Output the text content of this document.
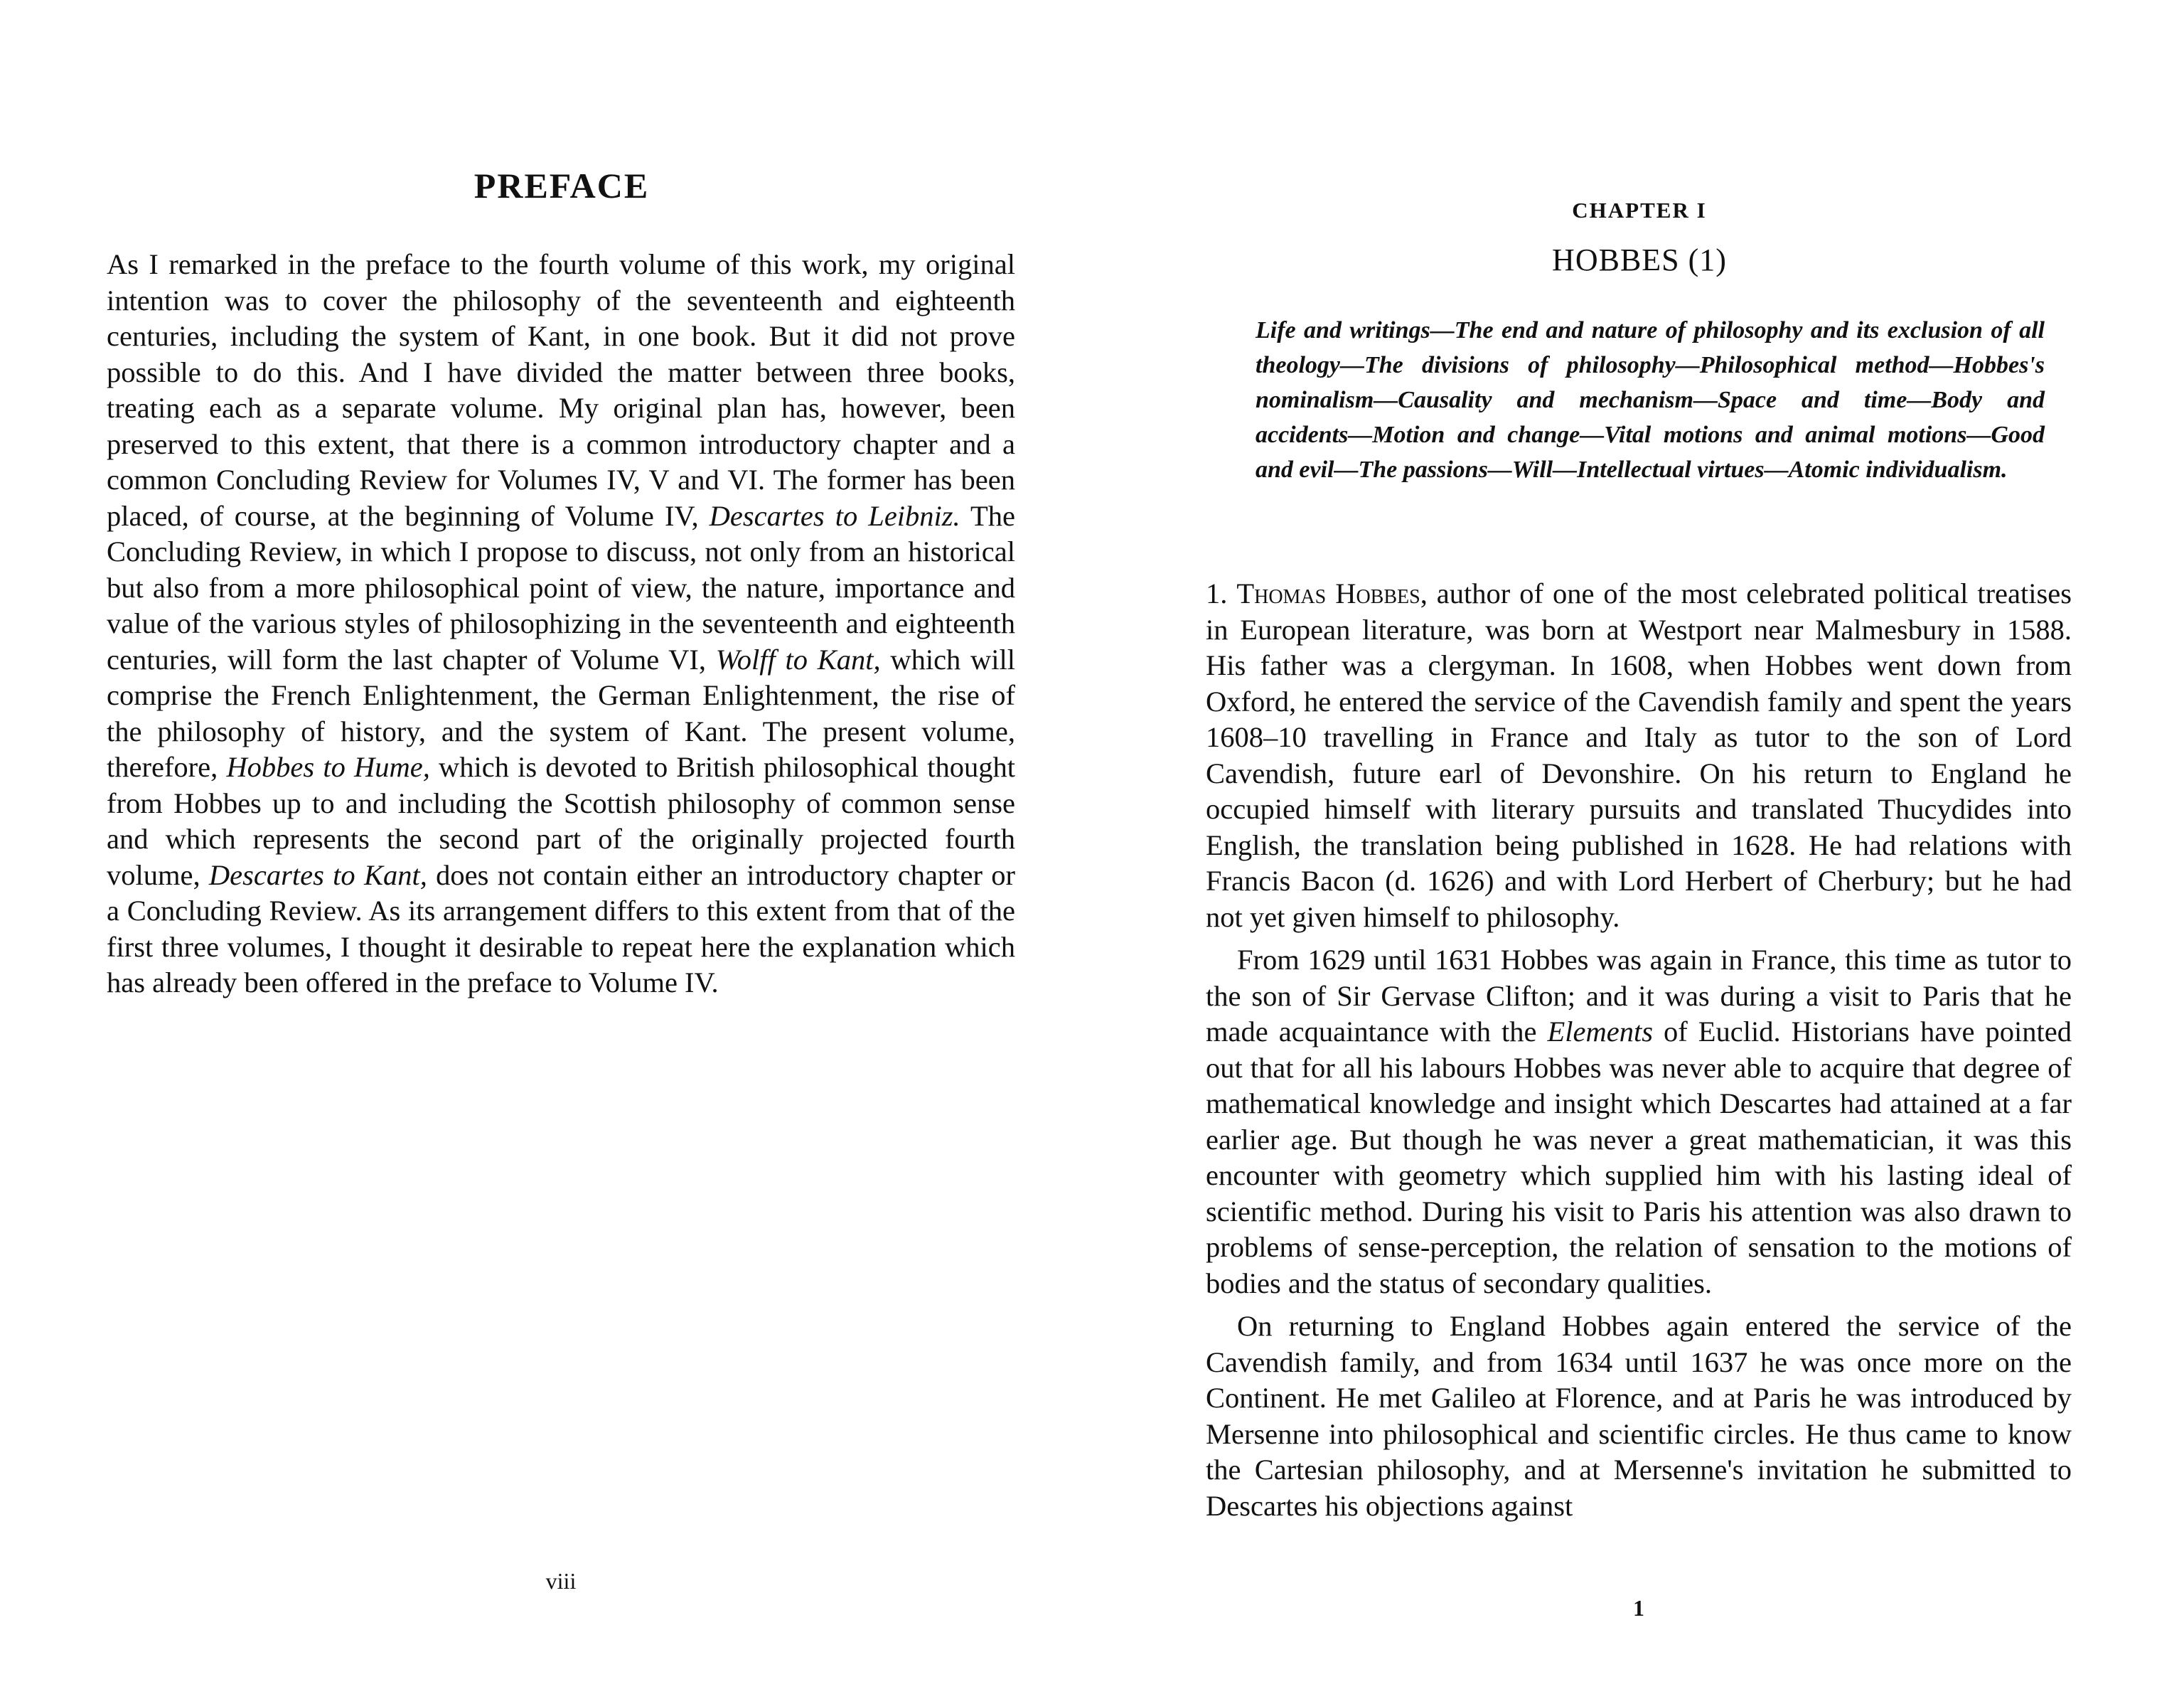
PREFACE

As I remarked in the preface to the fourth volume of this work, my original intention was to cover the philosophy of the seventeenth and eighteenth centuries, including the system of Kant, in one book. But it did not prove possible to do this. And I have divided the matter between three books, treating each as a separate volume. My original plan has, however, been preserved to this extent, that there is a common introductory chapter and a common Concluding Review for Volumes IV, V and VI. The former has been placed, of course, at the beginning of Volume IV, Descartes to Leibniz. The Concluding Review, in which I propose to discuss, not only from an historical but also from a more philosophical point of view, the nature, importance and value of the various styles of philosophizing in the seventeenth and eighteenth centuries, will form the last chapter of Volume VI, Wolff to Kant, which will comprise the French Enlightenment, the German Enlightenment, the rise of the philosophy of history, and the system of Kant. The present volume, therefore, Hobbes to Hume, which is devoted to British philosophical thought from Hobbes up to and including the Scottish philosophy of common sense and which represents the second part of the originally projected fourth volume, Descartes to Kant, does not contain either an introductory chapter or a Concluding Review. As its arrangement differs to this extent from that of the first three volumes, I thought it desirable to repeat here the explanation which has already been offered in the preface to Volume IV.

viii
CHAPTER I
HOBBES (1)

Life and writings—The end and nature of philosophy and its exclusion of all theology—The divisions of philosophy—Philosophical method—Hobbes's nominalism—Causality and mechanism—Space and time—Body and accidents—Motion and change—Vital motions and animal motions—Good and evil—The passions—Will—Intellectual virtues—Atomic individualism.

1. Thomas Hobbes, author of one of the most celebrated political treatises in European literature, was born at Westport near Malmesbury in 1588. His father was a clergyman. In 1608, when Hobbes went down from Oxford, he entered the service of the Cavendish family and spent the years 1608–10 travelling in France and Italy as tutor to the son of Lord Cavendish, future earl of Devonshire. On his return to England he occupied himself with literary pursuits and translated Thucydides into English, the translation being published in 1628. He had relations with Francis Bacon (d. 1626) and with Lord Herbert of Cherbury; but he had not yet given himself to philosophy.

From 1629 until 1631 Hobbes was again in France, this time as tutor to the son of Sir Gervase Clifton; and it was during a visit to Paris that he made acquaintance with the Elements of Euclid. Historians have pointed out that for all his labours Hobbes was never able to acquire that degree of mathematical knowledge and insight which Descartes had attained at a far earlier age. But though he was never a great mathematician, it was this encounter with geometry which supplied him with his lasting ideal of scientific method. During his visit to Paris his attention was also drawn to problems of sense-perception, the relation of sensation to the motions of bodies and the status of secondary qualities.

On returning to England Hobbes again entered the service of the Cavendish family, and from 1634 until 1637 he was once more on the Continent. He met Galileo at Florence, and at Paris he was introduced by Mersenne into philosophical and scientific circles. He thus came to know the Cartesian philosophy, and at Mersenne's invitation he submitted to Descartes his objections against

1
